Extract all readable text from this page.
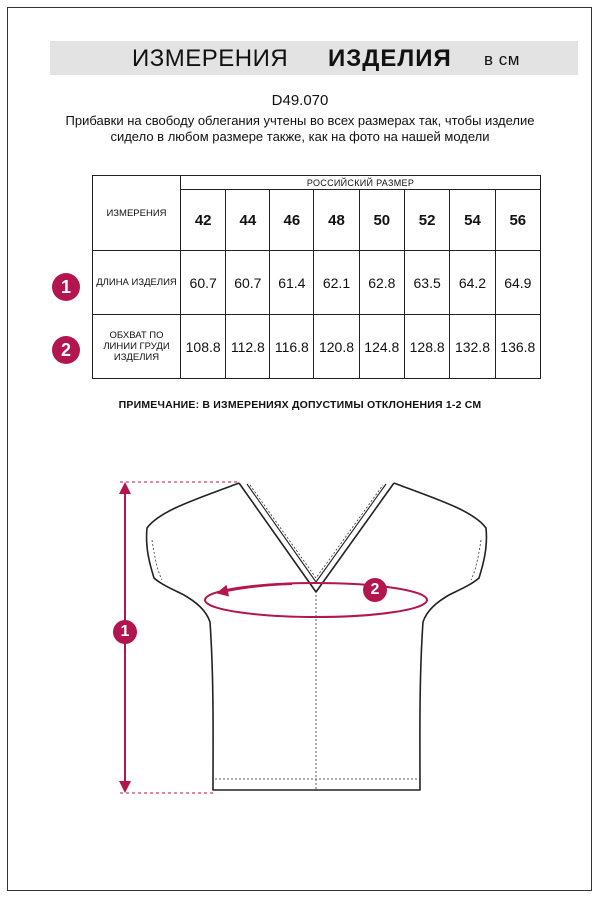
ИЗМЕРЕНИЯ ИЗДЕЛИЯ в см
D49.070
Прибавки на свободу облегания учтены во всех размерах так, чтобы изделие сидело в любом размере также, как на фото на нашей модели
1
2
ИЗМЕРЕНИЯ	РОССИЙСКИЙ РАЗМЕР							
	42	44	46	48	50	52	54	56
ДЛИНА ИЗДЕЛИЯ	60.7	60.7	61.4	62.1	62.8	63.5	64.2	64.9
ОБХВАТ ПО ЛИНИИ ГРУДИ ИЗДЕЛИЯ	108.8	112.8	116.8	120.8	124.8	128.8	132.8	136.8
ПРИМЕЧАНИЕ: В ИЗМЕРЕНИЯХ ДОПУСТИМЫ ОТКЛОНЕНИЯ 1-2 СМ
2
1
